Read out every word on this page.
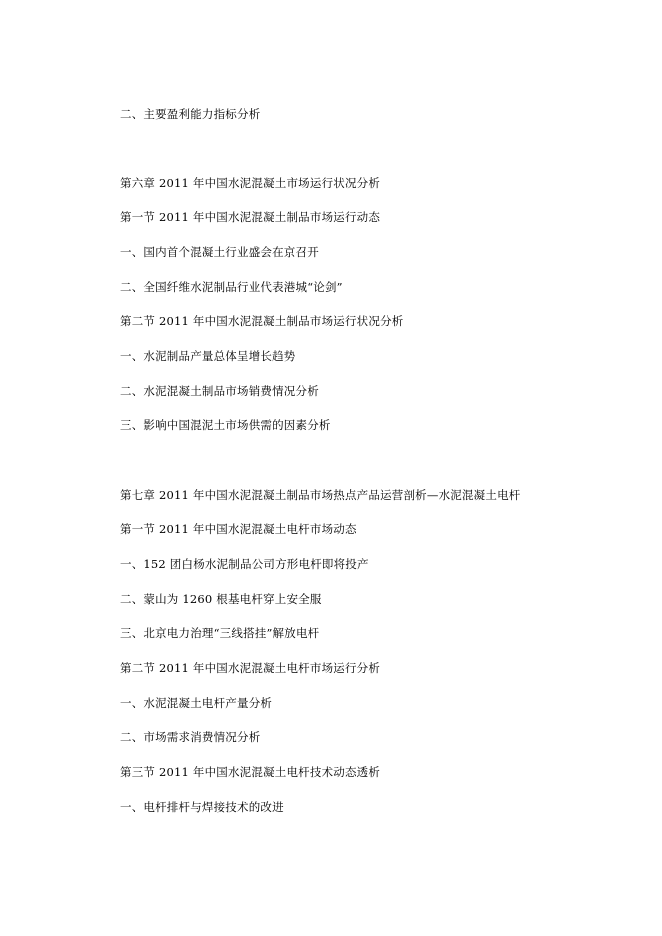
二、主要盈利能力指标分析
第六章 2011 年中国水泥混凝土市场运行状况分析
第一节 2011 年中国水泥混凝土制品市场运行动态
一、国内首个混凝土行业盛会在京召开
二、全国纤维水泥制品行业代表港城“论剑”
第二节 2011 年中国水泥混凝土制品市场运行状况分析
一、水泥制品产量总体呈增长趋势
二、水泥混凝土制品市场销费情况分析
三、影响中国混泥土市场供需的因素分析
第七章 2011 年中国水泥混凝土制品市场热点产品运营剖析—水泥混凝土电杆
第一节 2011 年中国水泥混凝土电杆市场动态
一、152 团白杨水泥制品公司方形电杆即将投产
二、蒙山为 1260 根基电杆穿上安全服
三、北京电力治理“三线搭挂”解放电杆
第二节 2011 年中国水泥混凝土电杆市场运行分析
一、水泥混凝土电杆产量分析
二、市场需求消费情况分析
第三节 2011 年中国水泥混凝土电杆技术动态透析
一、电杆排杆与焊接技术的改进
